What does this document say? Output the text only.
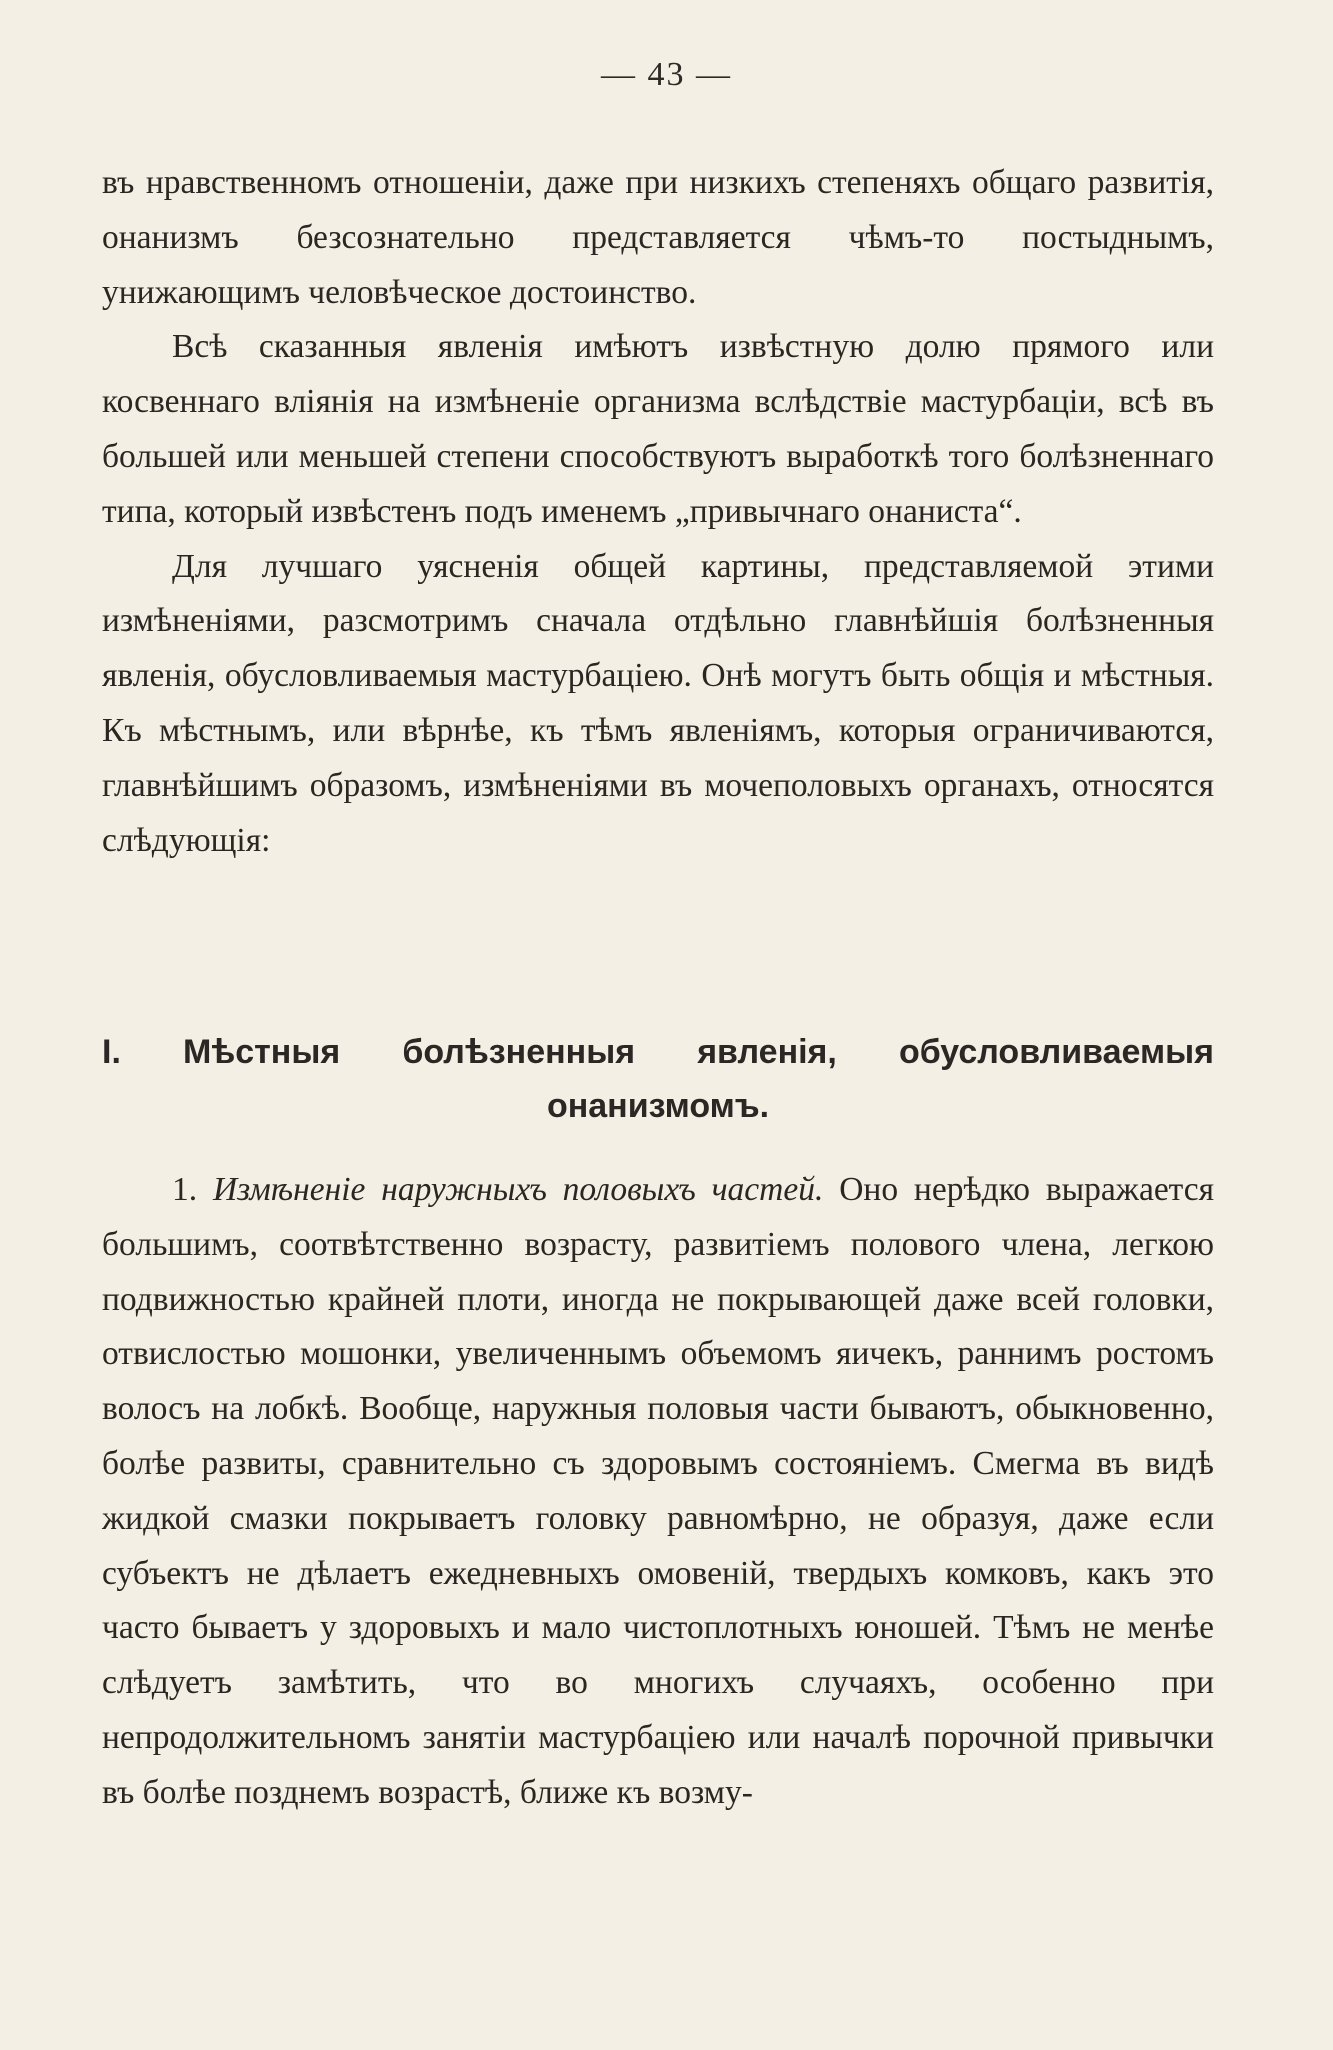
— 43 —

въ нравственномъ отношеніи, даже при низкихъ степеняхъ общаго развитія, онанизмъ безсознательно представляется чѣмъ-то постыднымъ, унижающимъ человѣческое достоинство.

Всѣ сказанныя явленія имѣютъ извѣстную долю прямого или косвеннаго вліянія на измѣненіе организма вслѣдствіе мастурбаціи, всѣ въ большей или меньшей степени способствуютъ выработкѣ того болѣзненнаго типа, который извѣстенъ подъ именемъ „привычнаго онаниста“.

Для лучшаго уясненія общей картины, представляемой этими измѣненіями, разсмотримъ сначала отдѣльно главнѣйшія болѣзненныя явленія, обусловливаемыя мастурбаціею. Онѣ могутъ быть общія и мѣстныя. Къ мѣстнымъ, или вѣрнѣе, къ тѣмъ явленіямъ, которыя ограничиваются, главнѣйшимъ образомъ, измѣненіями въ мочеполовыхъ органахъ, относятся слѣдующія:

I. Мѣстныя болѣзненныя явленія, обусловливаемыя
онанизмомъ.

1. Измѣненіе наружныхъ половыхъ частей. Оно нерѣдко выражается большимъ, соотвѣтственно возрасту, развитіемъ полового члена, легкою подвижностью крайней плоти, иногда не покрывающей даже всей головки, отвислостью мошонки, увеличеннымъ объемомъ яичекъ, раннимъ ростомъ волосъ на лобкѣ. Вообще, наружныя половыя части бываютъ, обыкновенно, болѣе развиты, сравнительно съ здоровымъ состояніемъ. Смегма въ видѣ жидкой смазки покрываетъ головку равномѣрно, не образуя, даже если субъектъ не дѣлаетъ ежедневныхъ омовеній, твердыхъ комковъ, какъ это часто бываетъ у здоровыхъ и мало чистоплотныхъ юношей. Тѣмъ не менѣе слѣдуетъ замѣтить, что во многихъ случаяхъ, особенно при непродолжительномъ занятіи мастурбаціею или началѣ порочной привычки въ болѣе позднемъ возрастѣ, ближе къ возму-
